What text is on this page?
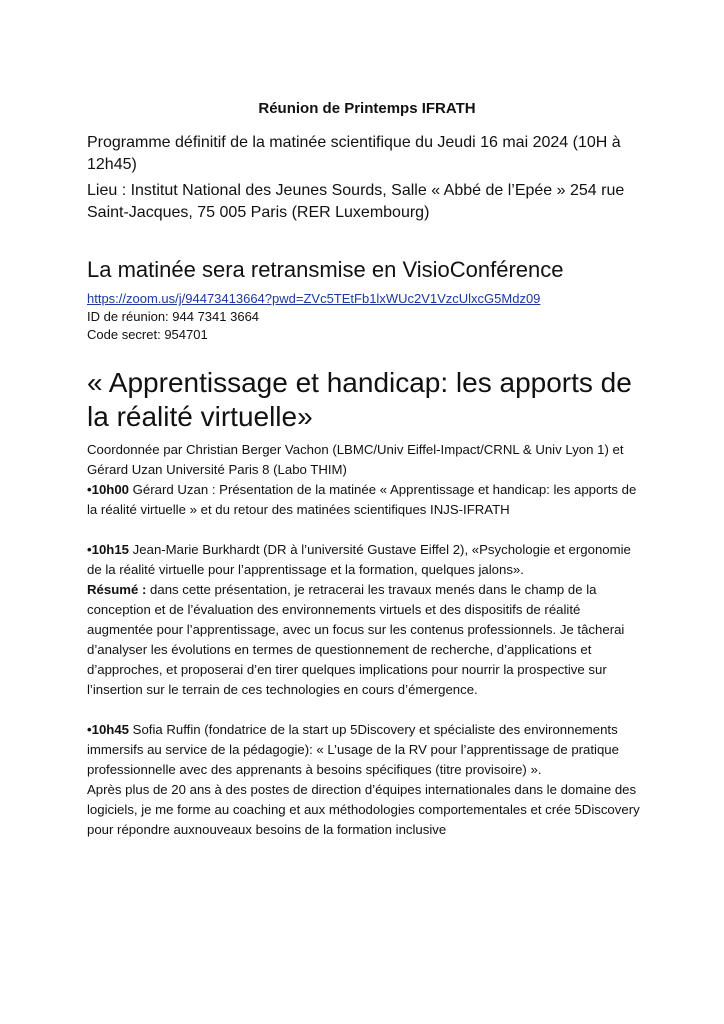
Réunion de Printemps IFRATH
Programme définitif de la matinée scientifique du Jeudi 16 mai 2024 (10H à 12h45)
Lieu : Institut National des Jeunes Sourds, Salle « Abbé de l’Epée » 254 rue Saint-Jacques, 75 005 Paris (RER Luxembourg)
La matinée sera retransmise en VisioConférence
https://zoom.us/j/94473413664?pwd=ZVc5TEtFb1lxWUc2V1VzcUlxcG5Mdz09
ID de réunion: 944 7341 3664
Code secret: 954701
« Apprentissage et handicap: les apports de la réalité virtuelle»
Coordonnée par Christian Berger Vachon (LBMC/Univ Eiffel-Impact/CRNL & Univ Lyon 1) et Gérard Uzan Université Paris 8 (Labo THIM)
•10h00 Gérard Uzan : Présentation de la matinée « Apprentissage et handicap: les apports de la réalité virtuelle » et du retour des matinées scientifiques INJS-IFRATH
•10h15 Jean-Marie Burkhardt (DR à l’université Gustave Eiffel 2), «Psychologie et ergonomie de la réalité virtuelle pour l’apprentissage et la formation, quelques jalons».
Résumé : dans cette présentation, je retracerai les travaux menés dans le champ de la conception et de l’évaluation des environnements virtuels et des dispositifs de réalité augmentée pour l’apprentissage, avec un focus sur les contenus professionnels. Je tâcherai d’analyser les évolutions en termes de questionnement de recherche, d’applications et d’approches, et proposerai d’en tirer quelques implications pour nourrir la prospective sur l’insertion sur le terrain de ces technologies en cours d’émergence.
•10h45 Sofia Ruffin (fondatrice de la start up 5Discovery et spécialiste des environnements immersifs au service de la pédagogie): « L’usage de la RV pour l’apprentissage de pratique professionnelle avec des apprenants à besoins spécifiques (titre provisoire) ».
Après plus de 20 ans à des postes de direction d’équipes internationales dans le domaine des logiciels, je me forme au coaching et aux méthodologies comportementales et crée 5Discovery pour répondre auxnouveaux besoins de la formation inclusive
